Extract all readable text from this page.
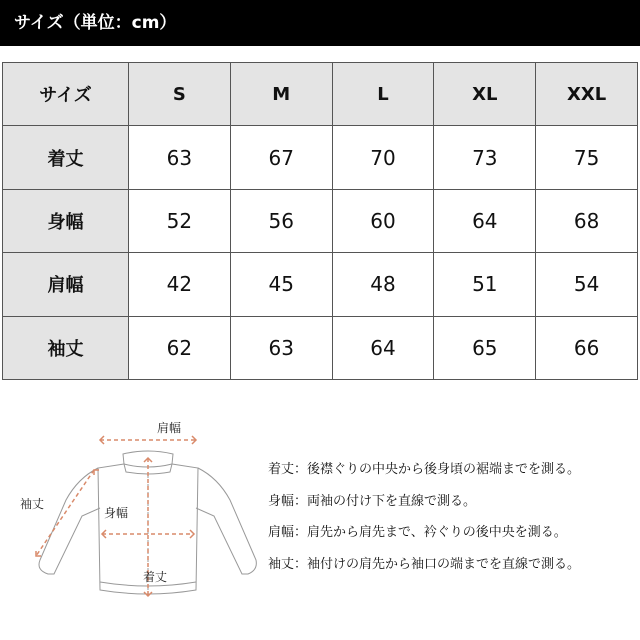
サイズ（単位：cm）
サイズ	S	M	L	XL	XXL
着丈	63	67	70	73	75
身幅	52	56	60	64	68
肩幅	42	45	48	51	54
袖丈	62	63	64	65	66
肩幅
袖丈
身幅
着丈
着丈：後襟ぐりの中央から後身頃の裾端までを測る。
身幅：両袖の付け下を直線で測る。
肩幅：肩先から肩先まで、衿ぐりの後中央を測る。
袖丈：袖付けの肩先から袖口の端までを直線で測る。
